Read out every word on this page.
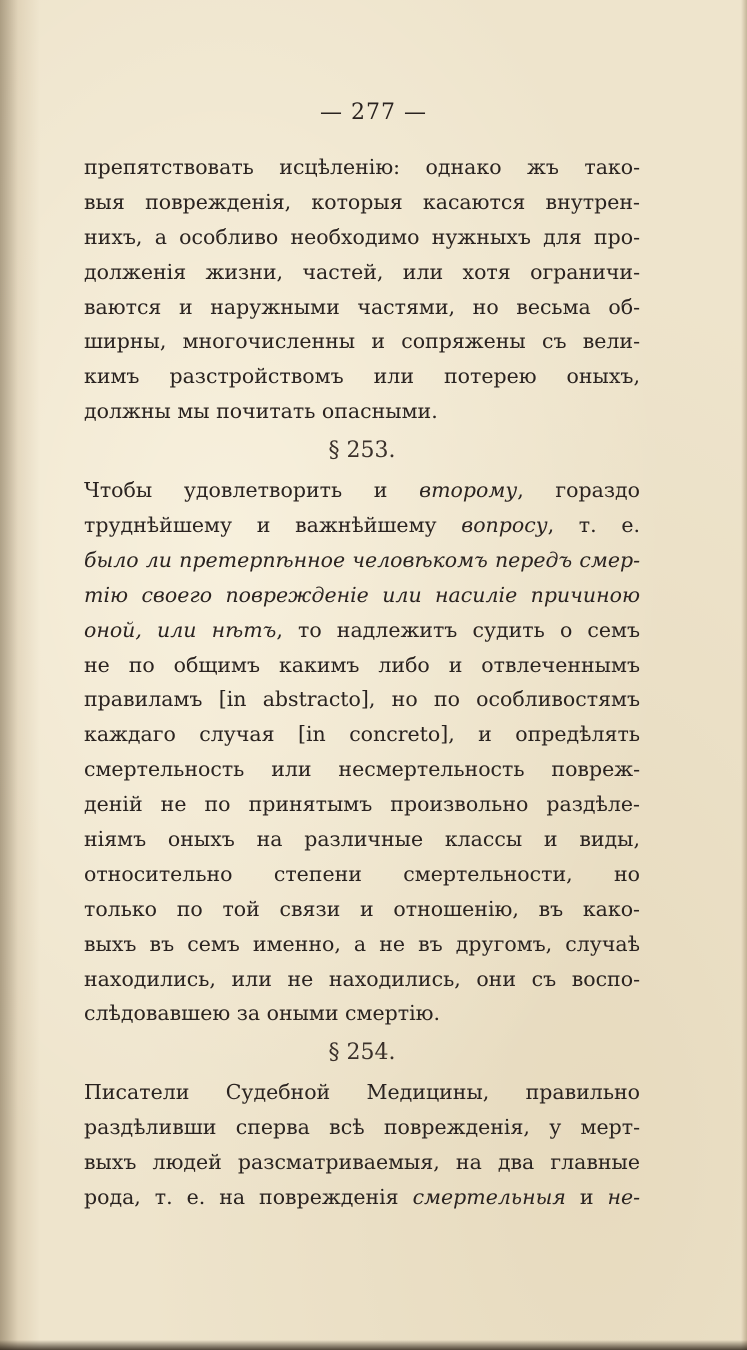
— 277 —
препятствовать исцѣленію: однако жъ тако-
выя поврежденія, которыя касаются внутрен-
нихъ, а особливо необходимо нужныхъ для про-
долженія жизни, частей, или хотя ограничи-
ваются и наружными частями, но весьма об-
ширны, многочисленны и сопряжены съ вели-
кимъ разстройствомъ или потерею оныхъ,
должны мы почитать опасными.
§ 253.
Чтобы удовлетворить и второму, гораздо
труднѣйшему и важнѣйшему вопросу, т. е.
было ли претерпѣнное человѣкомъ передъ смер-
тію своего поврежденіе или насиліе причиною
оной, или нѣтъ, то надлежитъ судить о семъ
не по общимъ какимъ либо и отвлеченнымъ
правиламъ [in abstracto], но по особливостямъ
каждаго случая [in concreto], и опредѣлять
смертельность или несмертельность повреж-
деній не по принятымъ произвольно раздѣле-
ніямъ оныхъ на различные классы и виды,
относительно степени смертельности, но
только по той связи и отношенію, въ како-
выхъ въ семъ именно, а не въ другомъ, случаѣ
находились, или не находились, они съ воспо-
слѣдовавшею за оными смертію.
§ 254.
Писатели Судебной Медицины, правильно
раздѣливши сперва всѣ поврежденія, у мерт-
выхъ людей разсматриваемыя, на два главные
рода, т. е. на поврежденія смертельныя и не-
